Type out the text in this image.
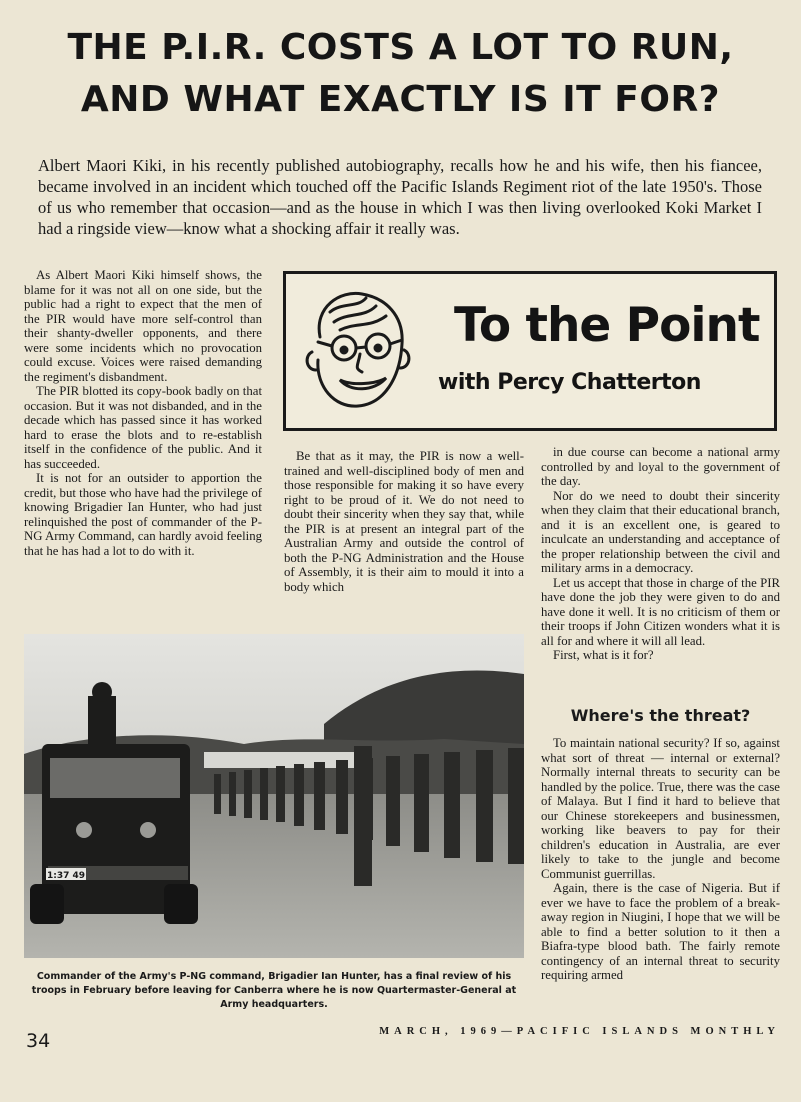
THE P.I.R. COSTS A LOT TO RUN,
AND WHAT EXACTLY IS IT FOR?

Albert Maori Kiki, in his recently published autobiography, recalls how he and his wife, then his fiancee, became involved in an incident which touched off the Pacific Islands Regiment riot of the late 1950's. Those of us who remember that occasion—and as the house in which I was then living overlooked Koki Market I had a ringside view—know what a shocking affair it really was.

As Albert Maori Kiki himself shows, the blame for it was not all on one side, but the public had a right to expect that the men of the PIR would have more self-control than their shanty-dweller opponents, and there were some incidents which no provocation could excuse. Voices were raised demanding the regiment's disbandment.

The PIR blotted its copy-book badly on that occasion. But it was not disbanded, and in the decade which has passed since it has worked hard to erase the blots and to re-establish itself in the confidence of the public. And it has succeeded.

It is not for an outsider to apportion the credit, but those who have had the privilege of knowing Brigadier Ian Hunter, who had just relinquished the post of commander of the P-NG Army Command, can hardly avoid feeling that he has had a lot to do with it.

To the Point

with Percy Chatterton

Be that as it may, the PIR is now a well-trained and well-disciplined body of men and those responsible for making it so have every right to be proud of it. We do not need to doubt their sincerity when they say that, while the PIR is at present an integral part of the Australian Army and outside the control of both the P-NG Administration and the House of Assembly, it is their aim to mould it into a body which

in due course can become a national army controlled by and loyal to the government of the day.

Nor do we need to doubt their sincerity when they claim that their educational branch, and it is an excellent one, is geared to inculcate an understanding and acceptance of the proper relationship between the civil and military arms in a democracy.

Let us accept that those in charge of the PIR have done the job they were given to do and have done it well. It is no criticism of them or their troops if John Citizen wonders what it is all for and where it will all lead.

First, what is it for?

Where's the threat?

To maintain national security? If so, against what sort of threat — internal or external? Normally internal threats to security can be handled by the police. True, there was the case of Malaya. But I find it hard to believe that our Chinese storekeepers and businessmen, working like beavers to pay for their children's education in Australia, are ever likely to take to the jungle and become Communist guerrillas.

Again, there is the case of Nigeria. But if ever we have to face the problem of a break-away region in Niugini, I hope that we will be able to find a better solution to it then a Biafra-type blood bath. The fairly remote contingency of an internal threat to security requiring armed

1:37 49

Commander of the Army's P-NG command, Brigadier Ian Hunter, has a final review of his troops in February before leaving for Canberra where he is now Quartermaster-General at Army headquarters.

34	MARCH, 1969—PACIFIC ISLANDS MONTHLY
